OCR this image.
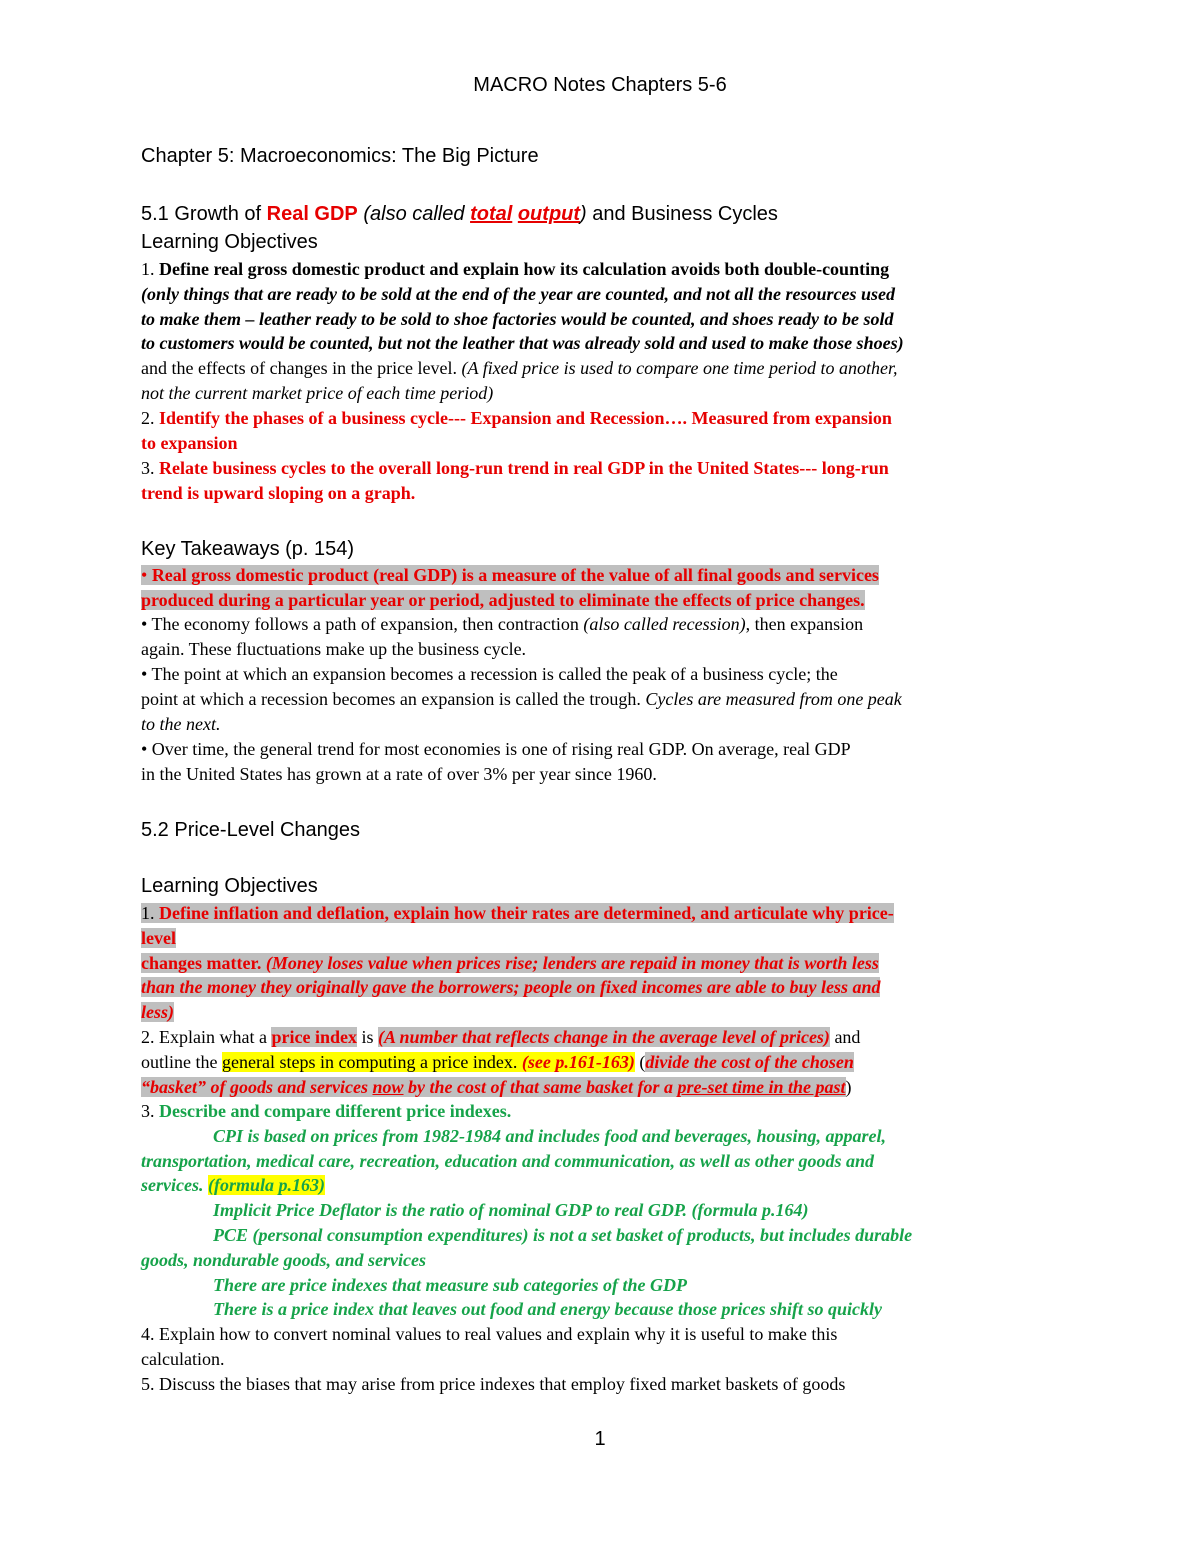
MACRO Notes Chapters 5-6
Chapter 5: Macroeconomics: The Big Picture
5.1 Growth of Real GDP (also called total output) and Business Cycles
Learning Objectives
1. Define real gross domestic product and explain how its calculation avoids both double-counting
(only things that are ready to be sold at the end of the year are counted, and not all the resources used
to make them – leather ready to be sold to shoe factories would be counted, and shoes ready to be sold
to customers would be counted, but not the leather that was already sold and used to make those shoes)
and the effects of changes in the price level. (A fixed price is used to compare one time period to another,
not the current market price of each time period)
2. Identify the phases of a business cycle--- Expansion and Recession…. Measured from expansion
to expansion
3. Relate business cycles to the overall long-run trend in real GDP in the United States--- long-run
trend is upward sloping on a graph.
Key Takeaways (p. 154)
• Real gross domestic product (real GDP) is a measure of the value of all final goods and services
produced during a particular year or period, adjusted to eliminate the effects of price changes.
• The economy follows a path of expansion, then contraction (also called recession), then expansion
again. These fluctuations make up the business cycle.
• The point at which an expansion becomes a recession is called the peak of a business cycle; the
point at which a recession becomes an expansion is called the trough. Cycles are measured from one peak
to the next.
• Over time, the general trend for most economies is one of rising real GDP. On average, real GDP
in the United States has grown at a rate of over 3% per year since 1960.
5.2 Price-Level Changes
Learning Objectives
1. Define inflation and deflation, explain how their rates are determined, and articulate why price-
level
changes matter. (Money loses value when prices rise; lenders are repaid in money that is worth less
than the money they originally gave the borrowers; people on fixed incomes are able to buy less and
less)
2. Explain what a price index is (A number that reflects change in the average level of prices) and
outline the general steps in computing a price index. (see p.161-163) (divide the cost of the chosen
“basket” of goods and services now by the cost of that same basket for a pre-set time in the past)
3. Describe and compare different price indexes.
CPI is based on prices from 1982-1984 and includes food and beverages, housing, apparel,
transportation, medical care, recreation, education and communication, as well as other goods and
services. (formula p.163)
Implicit Price Deflator is the ratio of nominal GDP to real GDP. (formula p.164)
PCE (personal consumption expenditures) is not a set basket of products, but includes durable
goods, nondurable goods, and services
There are price indexes that measure sub categories of the GDP
There is a price index that leaves out food and energy because those prices shift so quickly
4. Explain how to convert nominal values to real values and explain why it is useful to make this
calculation.
5. Discuss the biases that may arise from price indexes that employ fixed market baskets of goods
1
